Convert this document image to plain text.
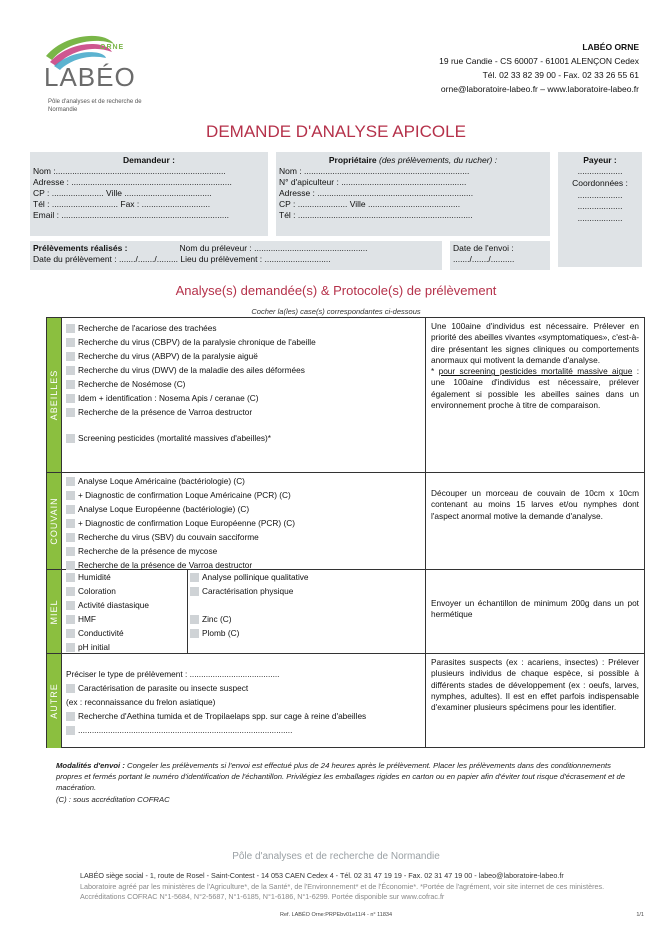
ORNE
LABÉO
Pôle d'analyses et de recherche de Normandie
LABÉO ORNE
19 rue Candie - CS 60007 - 61001 ALENÇON Cedex
Tél. 02 33 82 39 00 - Fax. 02 33 26 55 61
orne@laboratoire-labeo.fr – www.laboratoire-labeo.fr
DEMANDE D'ANALYSE APICOLE
Demandeur :
Nom :........................................................................
Adresse : ....................................................................
CP : ...................... Ville .....................................
Tél : ............................ Fax : .............................
Email : .......................................................................
Propriétaire (des prélèvements, du rucher) :
Nom : ......................................................................
N° d'apiculteur : .....................................................
Adresse : ..................................................................
CP : ..................... Ville .......................................
Tél : ..........................................................................
Payeur :
...................
Coordonnées :
...................
...................
...................
Prélèvements réalisés :	Nom du préleveur : ................................................
Date du prélèvement : ......./......./......... Lieu du prélèvement : ............................
Date de l'envoi :
......./......./..........
Analyse(s) demandée(s) & Protocole(s) de prélèvement
Cocher la(les) case(s) correspondantes ci-dessous
ABEILLES
Recherche de l'acariose des trachées
Recherche du virus (CBPV) de la paralysie chronique de l'abeille
Recherche du virus (ABPV) de la paralysie aiguë
Recherche du virus (DWV) de la maladie des ailes déformées
Recherche de Nosémose (C)
Idem + identification : Nosema Apis / ceranae (C)
Recherche de la présence de Varroa destructor
Screening pesticides (mortalité massives d'abeilles)*
Une 100aine d'individus est nécessaire. Prélever en priorité des abeilles vivantes «symptomatiques», c'est-à-dire présentant les signes cliniques ou comportements anormaux qui motivent la demande d'analyse.
* pour screening pesticides mortalité massive aigue : une 100aine d'individus est nécessaire, prélever également si possible les abeilles saines dans un environnement proche à titre de comparaison.
COUVAIN
Analyse Loque Américaine (bactériologie) (C)
+ Diagnostic de confirmation Loque Américaine (PCR) (C)
Analyse Loque Européenne (bactériologie) (C)
+ Diagnostic de confirmation Loque Européenne (PCR) (C)
Recherche du virus (SBV) du couvain sacciforme
Recherche de la présence de mycose
Recherche de la présence de Varroa destructor
Découper un morceau de couvain de 10cm x 10cm contenant au moins 15 larves et/ou nymphes dont l'aspect anormal motive la demande d'analyse.
MIEL
Humidité
Coloration
Activité diastasique
HMF
Conductivité
pH initial
Analyse pollinique qualitative
Caractérisation physique
Zinc (C)
Plomb (C)
Envoyer un échantillon de minimum 200g dans un pot hermétique
AUTRE
Préciser le type de prélèvement : .......................................
Caractérisation de parasite ou insecte suspect
(ex : reconnaissance du frelon asiatique)
Recherche d'Aethina tumida et de Tropilaelaps spp. sur cage à reine d'abeilles
.............................................................................................
Parasites suspects (ex : acariens, insectes) : Prélever plusieurs individus de chaque espèce, si possible à différents stades de développement (ex : oeufs, larves, nymphes, adultes). Il est en effet parfois indispensable d'examiner plusieurs spécimens pour les identifier.
Modalités d'envoi : Congeler les prélèvements si l'envoi est effectué plus de 24 heures après le prélèvement. Placer les prélèvements dans des conditionnements propres et fermés portant le numéro d'identification de l'échantillon. Privilégiez les emballages rigides en carton ou en papier afin d'éviter tout risque d'écrasement et de macération.
(C) : sous accréditation COFRAC
Pôle d'analyses et de recherche de Normandie
LABÉO siège social - 1, route de Rosel - Saint-Contest - 14 053 CAEN Cedex 4 - Tél. 02 31 47 19 19 - Fax. 02 31 47 19 00 - labeo@laboratoire-labeo.fr
Laboratoire agréé par les ministères de l'Agriculture*, de la Santé*, de l'Environnement* et de l'Économie*. *Portée de l'agrément, voir site internet de ces ministères.
Accréditations COFRAC N°1-5684, N°2-5687, N°1-6185, N°1-6186, N°1-6299. Portée disponible sur www.cofrac.fr
Ref. LABÉO Orne:PRPEbv01e11/4 - n° 11834	1/1
